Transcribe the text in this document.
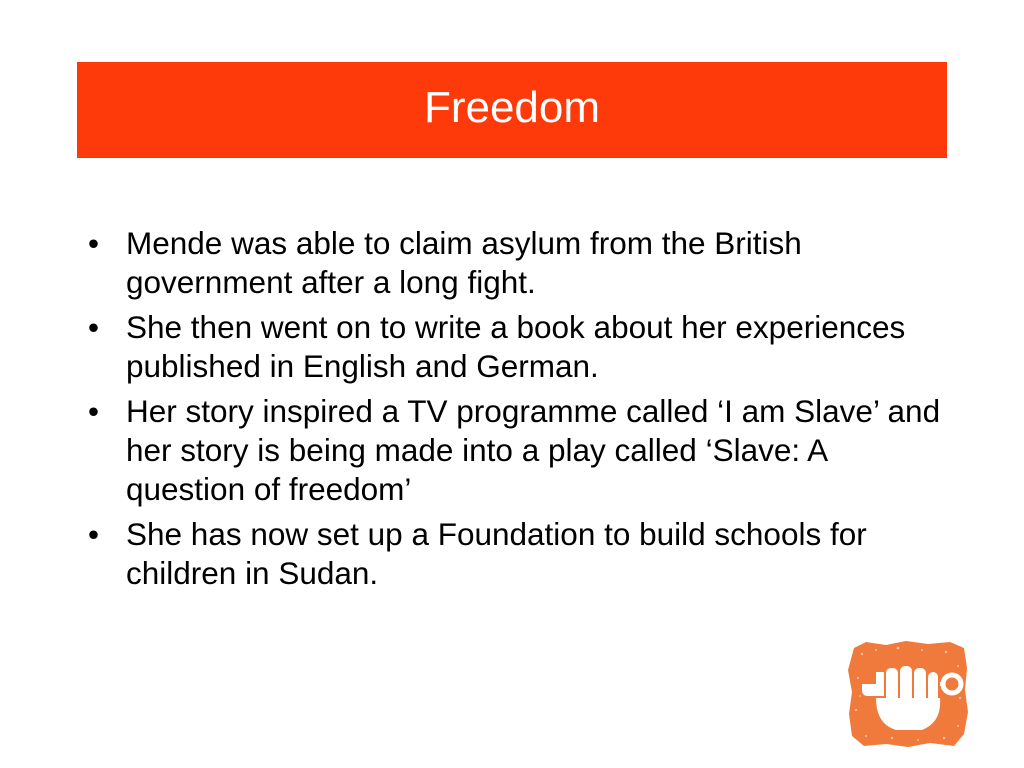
Freedom
• Mende was able to claim asylum from the British government after a long fight.
• She then went on to write a book about her experiences published in English and German.
• Her story inspired a TV programme called ‘I am Slave’ and her story is being made into a play called ‘Slave: A question of freedom’
• She has now set up a Foundation to build schools for children in Sudan.
